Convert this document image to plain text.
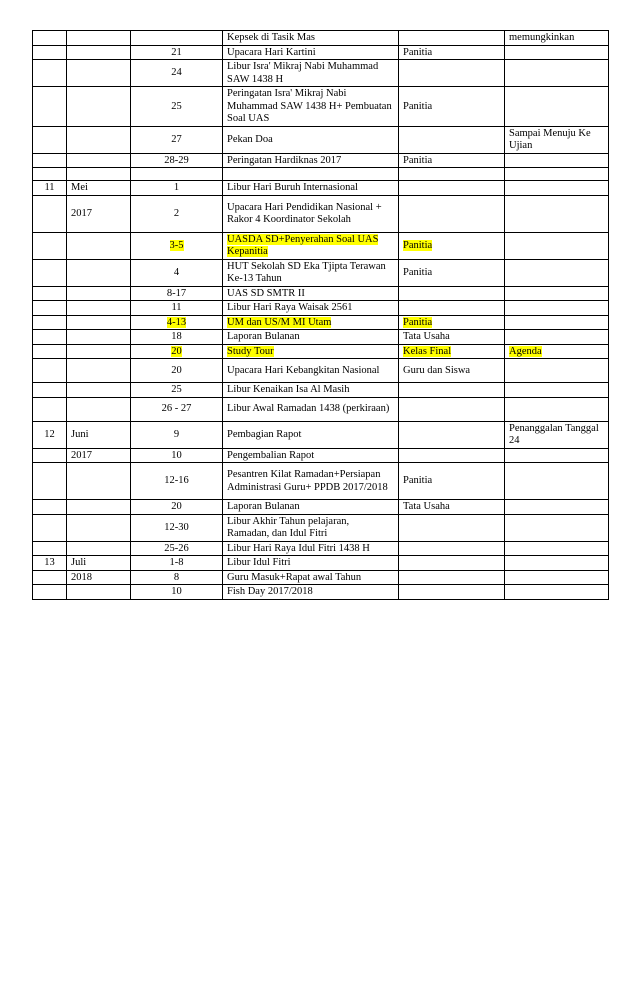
			Kepsek di Tasik Mas		memungkinkan
		21	Upacara Hari Kartini	Panitia	
		24	Libur Isra' Mikraj Nabi Muhammad SAW 1438 H		
		25	Peringatan Isra' Mikraj Nabi Muhammad SAW 1438 H+ Pembuatan Soal UAS	Panitia	
		27	Pekan Doa		Sampai Menuju Ke Ujian
		28-29	Peringatan Hardiknas 2017	Panitia	

11	Mei	1	Libur Hari Buruh Internasional		
	2017	2	Upacara Hari Pendidikan Nasional + Rakor 4 Koordinator Sekolah		
		3-5	UASDA SD+Penyerahan Soal UAS Kepanitia	Panitia	
		4	HUT Sekolah SD Eka Tjipta Terawan Ke-13 Tahun	Panitia	
		8-17	UAS SD SMTR II		
		11	Libur Hari Raya Waisak 2561		
		4-13	UM dan US/M MI Utam	Panitia	
		18	Laporan Bulanan	Tata Usaha	
		20	Study Tour	Kelas Final	Agenda
		20	Upacara Hari Kebangkitan Nasional	Guru dan Siswa	
		25	Libur Kenaikan Isa Al Masih		
		26 - 27	Libur Awal Ramadan 1438 (perkiraan)		
12	Juni	9	Pembagian Rapot		Penanggalan Tanggal 24
	2017	10	Pengembalian Rapot		
		12-16	Pesantren Kilat Ramadan+Persiapan Administrasi Guru+ PPDB 2017/2018	Panitia	
		20	Laporan Bulanan	Tata Usaha	
		12-30	Libur Akhir Tahun pelajaran, Ramadan, dan Idul Fitri		
		25-26	Libur Hari Raya Idul Fitri 1438 H		
13	Juli	1-8	Libur Idul Fitri		
	2018	8	Guru Masuk+Rapat awal Tahun		
		10	Fish Day 2017/2018		
